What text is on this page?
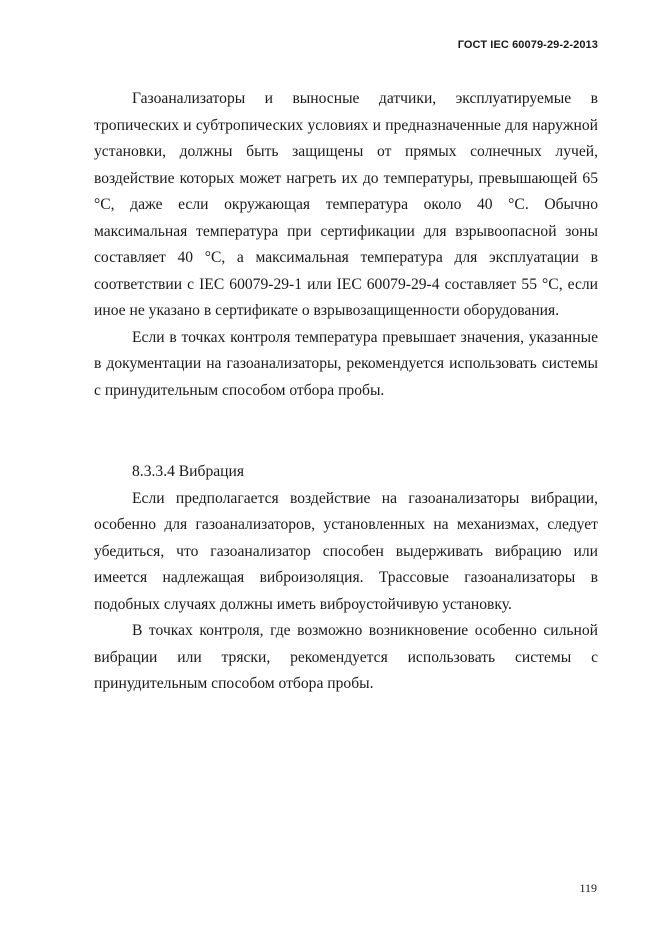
ГОСТ IEC 60079-29-2-2013

Газоанализаторы и выносные датчики, эксплуатируемые в тропических и субтропических условиях и предназначенные для наружной установки, должны быть защищены от прямых солнечных лучей, воздействие которых может нагреть их до температуры, превышающей 65 °С, даже если окружающая температура около 40 °С. Обычно максимальная температура при сертификации для взрывоопасной зоны составляет 40 °С, а максимальная температура для эксплуатации в соответствии с IEC 60079-29-1 или IEC 60079-29-4 составляет 55 °С, если иное не указано в сертификате о взрывозащищенности оборудования.

Если в точках контроля температура превышает значения, указанные в документации на газоанализаторы, рекомендуется использовать системы с принудительным способом отбора пробы.

8.3.3.4 Вибрация

Если предполагается воздействие на газоанализаторы вибрации, особенно для газоанализаторов, установленных на механизмах, следует убедиться, что газоанализатор способен выдерживать вибрацию или имеется надлежащая виброизоляция. Трассовые газоанализаторы в подобных случаях должны иметь виброустойчивую установку.

В точках контроля, где возможно возникновение особенно сильной вибрации или тряски, рекомендуется использовать системы с принудительным способом отбора пробы.

119
